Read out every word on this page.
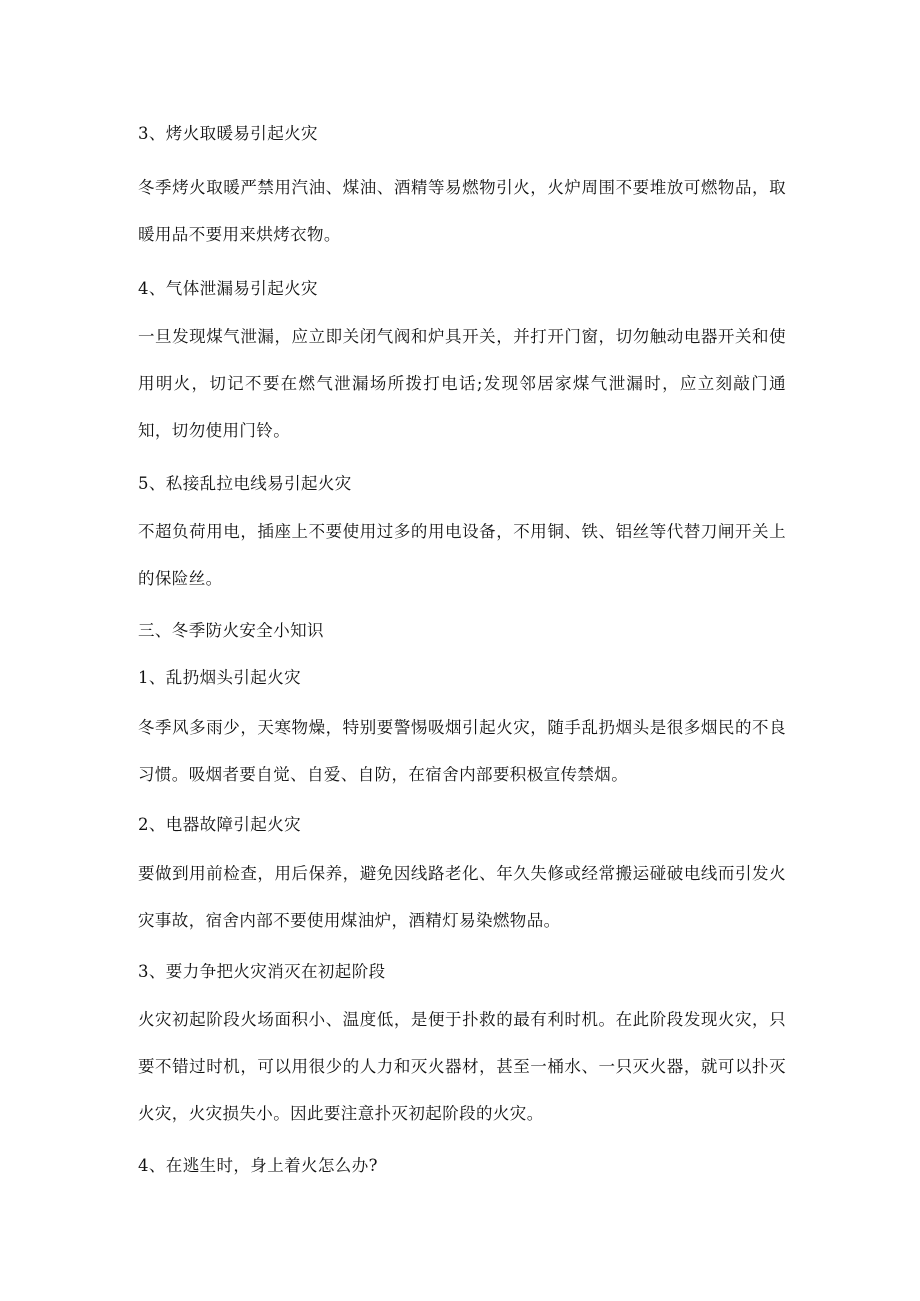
3、烤火取暖易引起火灾

冬季烤火取暖严禁用汽油、煤油、酒精等易燃物引火，火炉周围不要堆放可燃物品，取暖用品不要用来烘烤衣物。

4、气体泄漏易引起火灾

一旦发现煤气泄漏，应立即关闭气阀和炉具开关，并打开门窗，切勿触动电器开关和使用明火，切记不要在燃气泄漏场所拨打电话;发现邻居家煤气泄漏时，应立刻敲门通知，切勿使用门铃。

5、私接乱拉电线易引起火灾

不超负荷用电，插座上不要使用过多的用电设备，不用铜、铁、铝丝等代替刀闸开关上的保险丝。

三、冬季防火安全小知识

1、乱扔烟头引起火灾

冬季风多雨少，天寒物燥，特别要警惕吸烟引起火灾，随手乱扔烟头是很多烟民的不良习惯。吸烟者要自觉、自爱、自防，在宿舍内部要积极宣传禁烟。

2、电器故障引起火灾

要做到用前检查，用后保养，避免因线路老化、年久失修或经常搬运碰破电线而引发火灾事故，宿舍内部不要使用煤油炉，酒精灯易染燃物品。

3、要力争把火灾消灭在初起阶段

火灾初起阶段火场面积小、温度低，是便于扑救的最有利时机。在此阶段发现火灾，只要不错过时机，可以用很少的人力和灭火器材，甚至一桶水、一只灭火器，就可以扑灭火灾，火灾损失小。因此要注意扑灭初起阶段的火灾。

4、在逃生时，身上着火怎么办?
